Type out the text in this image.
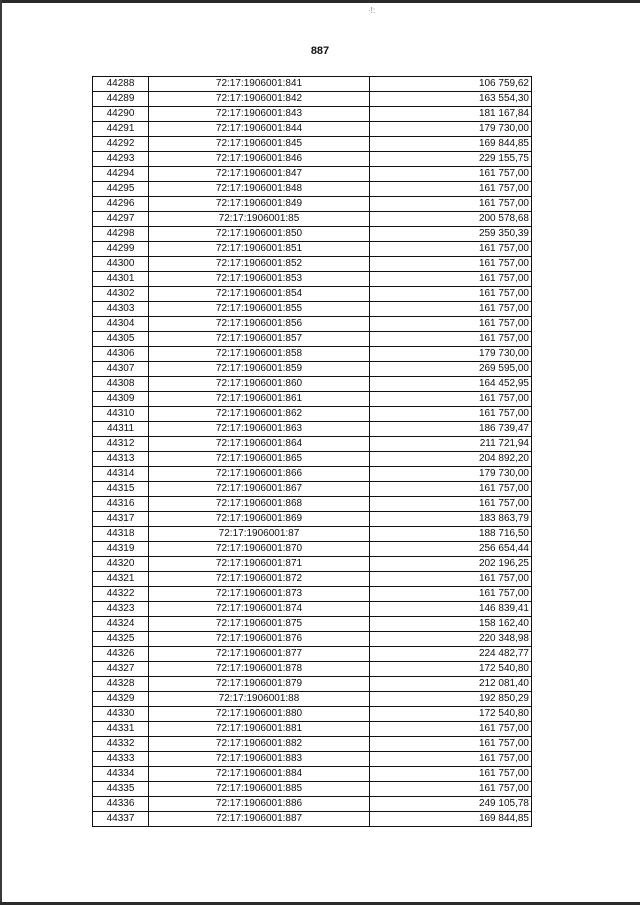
·!:
887
44288	72:17:1906001:841	106 759,62
44289	72:17:1906001:842	163 554,30
44290	72:17:1906001:843	181 167,84
44291	72:17:1906001:844	179 730,00
44292	72:17:1906001:845	169 844,85
44293	72:17:1906001:846	229 155,75
44294	72:17:1906001:847	161 757,00
44295	72:17:1906001:848	161 757,00
44296	72:17:1906001:849	161 757,00
44297	72:17:1906001:85	200 578,68
44298	72:17:1906001:850	259 350,39
44299	72:17:1906001:851	161 757,00
44300	72:17:1906001:852	161 757,00
44301	72:17:1906001:853	161 757,00
44302	72:17:1906001:854	161 757,00
44303	72:17:1906001:855	161 757,00
44304	72:17:1906001:856	161 757,00
44305	72:17:1906001:857	161 757,00
44306	72:17:1906001:858	179 730,00
44307	72:17:1906001:859	269 595,00
44308	72:17:1906001:860	164 452,95
44309	72:17:1906001:861	161 757,00
44310	72:17:1906001:862	161 757,00
44311	72:17:1906001:863	186 739,47
44312	72:17:1906001:864	211 721,94
44313	72:17:1906001:865	204 892,20
44314	72:17:1906001:866	179 730,00
44315	72:17:1906001:867	161 757,00
44316	72:17:1906001:868	161 757,00
44317	72:17:1906001:869	183 863,79
44318	72:17:1906001:87	188 716,50
44319	72:17:1906001:870	256 654,44
44320	72:17:1906001:871	202 196,25
44321	72:17:1906001:872	161 757,00
44322	72:17:1906001:873	161 757,00
44323	72:17:1906001:874	146 839,41
44324	72:17:1906001:875	158 162,40
44325	72:17:1906001:876	220 348,98
44326	72:17:1906001:877	224 482,77
44327	72:17:1906001:878	172 540,80
44328	72:17:1906001:879	212 081,40
44329	72:17:1906001:88	192 850,29
44330	72:17:1906001:880	172 540,80
44331	72:17:1906001:881	161 757,00
44332	72:17:1906001:882	161 757,00
44333	72:17:1906001:883	161 757,00
44334	72:17:1906001:884	161 757,00
44335	72:17:1906001:885	161 757,00
44336	72:17:1906001:886	249 105,78
44337	72:17:1906001:887	169 844,85
